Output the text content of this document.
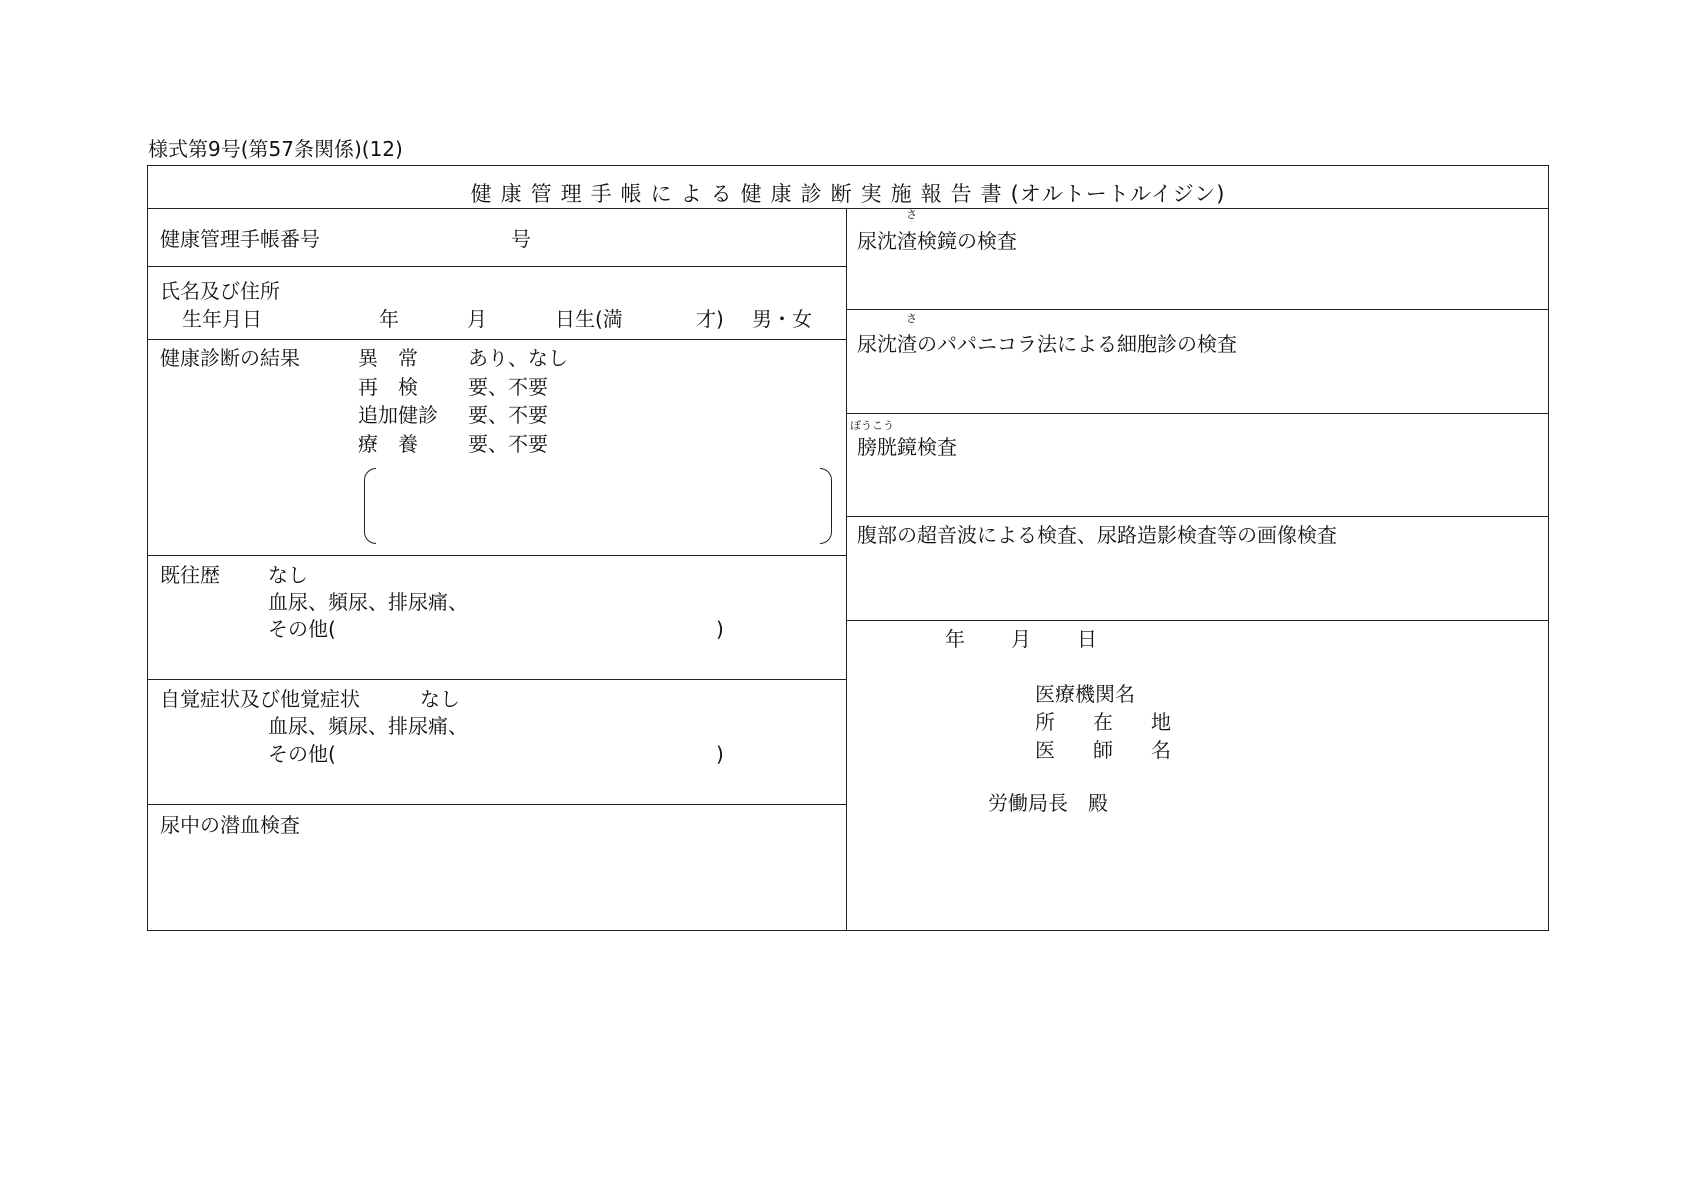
様式第9号(第57条関係)(12)
健康管理手帳による健康診断実施報告書(オルトートルイジン)
健康管理手帳番号	号
氏名及び住所
生年月日	年	月	日生(満	才) 男・女
健康診断の結果	異　常	あり、なし
再　検	要、不要
追加健診 要、不要
療　養	要、不要
既往歴 なし
血尿、頻尿、排尿痛、
その他(	)
自覚症状及び他覚症状	なし
血尿、頻尿、排尿痛、
その他(	)
尿中の潜血検査
さ
尿沈渣検鏡の検査
さ
尿沈渣のパパニコラ法による細胞診の検査
ぼうこう
膀胱鏡検査
腹部の超音波による検査、尿路造影検査等の画像検査
年 月 日
医療機関名
所在地
医師名
労働局長　殿
